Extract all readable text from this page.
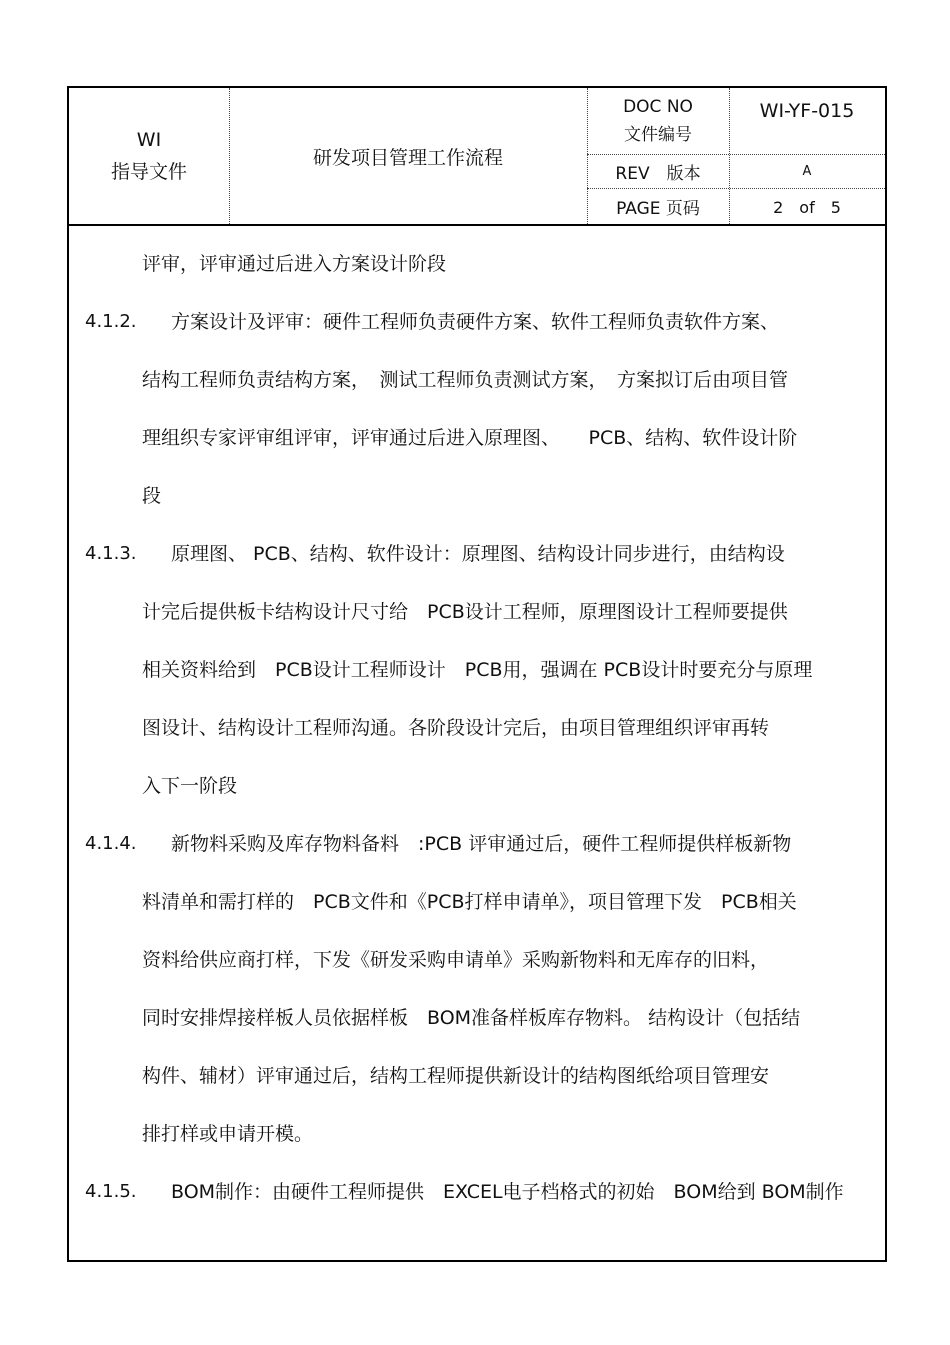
WI
指导文件
研发项目管理工作流程
DOC NO
文件编号
WI-YF-015
REV　版本	A
PAGE 页码	2　of　5
评审，评审通过后进入方案设计阶段
4.1.2. 方案设计及评审：硬件工程师负责硬件方案、软件工程师负责软件方案、
结构工程师负责结构方案，　测试工程师负责测试方案，　方案拟订后由项目管
理组织专家评审组评审，评审通过后进入原理图、　　PCB、结构、软件设计阶
段
4.1.3. 原理图、 PCB、结构、软件设计：原理图、结构设计同步进行，由结构设
计完后提供板卡结构设计尺寸给　PCB设计工程师，原理图设计工程师要提供
相关资料给到　PCB设计工程师设计　PCB用，强调在 PCB设计时要充分与原理
图设计、结构设计工程师沟通。各阶段设计完后，由项目管理组织评审再转
入下一阶段
4.1.4. 新物料采购及库存物料备料　:PCB 评审通过后，硬件工程师提供样板新物
料清单和需打样的　PCB文件和《PCB打样申请单》，项目管理下发　PCB相关
资料给供应商打样，下发《研发采购申请单》采购新物料和无库存的旧料，
同时安排焊接样板人员依据样板　BOM准备样板库存物料。 结构设计（包括结
构件、辅材）评审通过后，结构工程师提供新设计的结构图纸给项目管理安
排打样或申请开模。
4.1.5. BOM制作：由硬件工程师提供　EXCEL电子档格式的初始　BOM给到 BOM制作
